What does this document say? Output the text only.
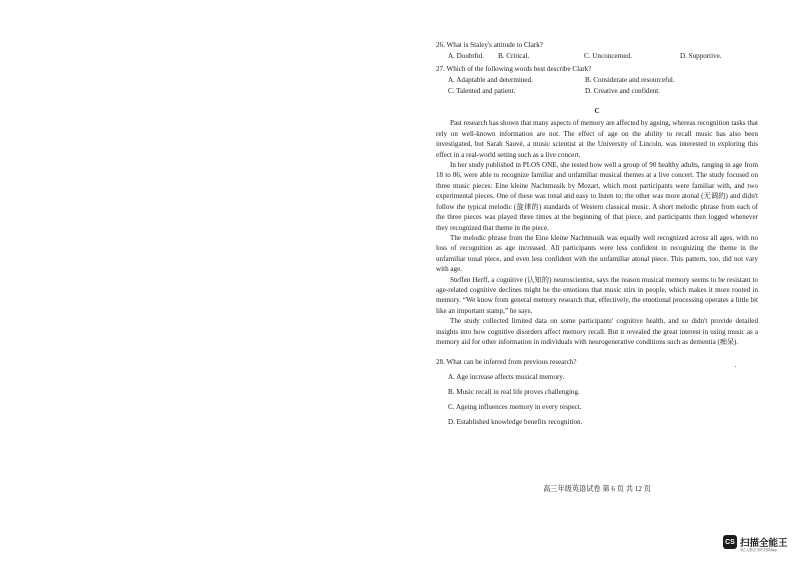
26. What is Staley's attitude to Clark?

A. Doubtful.	B. Critical.	C. Unconcerned.	D. Supportive.

27. Which of the following words best describe Clark?

A. Adaptable and determined.	B. Considerate and resourceful.
C. Talented and patient.	D. Creative and confident.
C

Past research has shown that many aspects of memory are affected by ageing, whereas recognition tasks that rely on well-known information are not. The effect of age on the ability to recall music has also been investigated, but Sarah Sauvé, a music scientist at the University of Lincoln, was interested in exploring this effect in a real-world setting such as a live concert.

In her study published in PLOS ONE, she tested how well a group of 90 healthy adults, ranging in age from 18 to 86, were able to recognize familiar and unfamiliar musical themes at a live concert. The study focused on three music pieces: Eine kleine Nachtmusik by Mozart, which most participants were familiar with, and two experimental pieces. One of these was tonal and easy to listen to; the other was more atonal (无调的) and didn't follow the typical melodic (旋律的) standards of Western classical music. A short melodic phrase from each of the three pieces was played three times at the beginning of that piece, and participants then logged whenever they recognized that theme in the piece.

The melodic phrase from the Eine kleine Nachtmusik was equally well recognized across all ages, with no loss of recognition as age increased. All participants were less confident in recognizing the theme in the unfamiliar tonal piece, and even less confident with the unfamiliar atonal piece. This pattern, too, did not vary with age.

Steffen Herff, a cognitive (认知的) neuroscientist, says the reason musical memory seems to be resistant to age-related cognitive declines might be the emotions that music stirs in people, which makes it more rooted in memory. “We know from general memory research that, effectively, the emotional processing operates a little bit like an important stamp,” he says.

The study collected limited data on some participants' cognitive health, and so didn't provide detailed insights into how cognitive disorders affect memory recall. But it revealed the great interest in using music as a memory aid for other information in individuals with neurogenerative conditions such as dementia (痴呆).

28. What can be inferred from previous research?

A. Age increase affects musical memory.
B. Music recall in real life proves challenging.
C. Ageing influences memory in every respect.
D. Established knowledge benefits recognition.
高三年级英语试卷 第 6 页 共 12 页
CS 扫描全能王
3亿人都在用的扫描App
